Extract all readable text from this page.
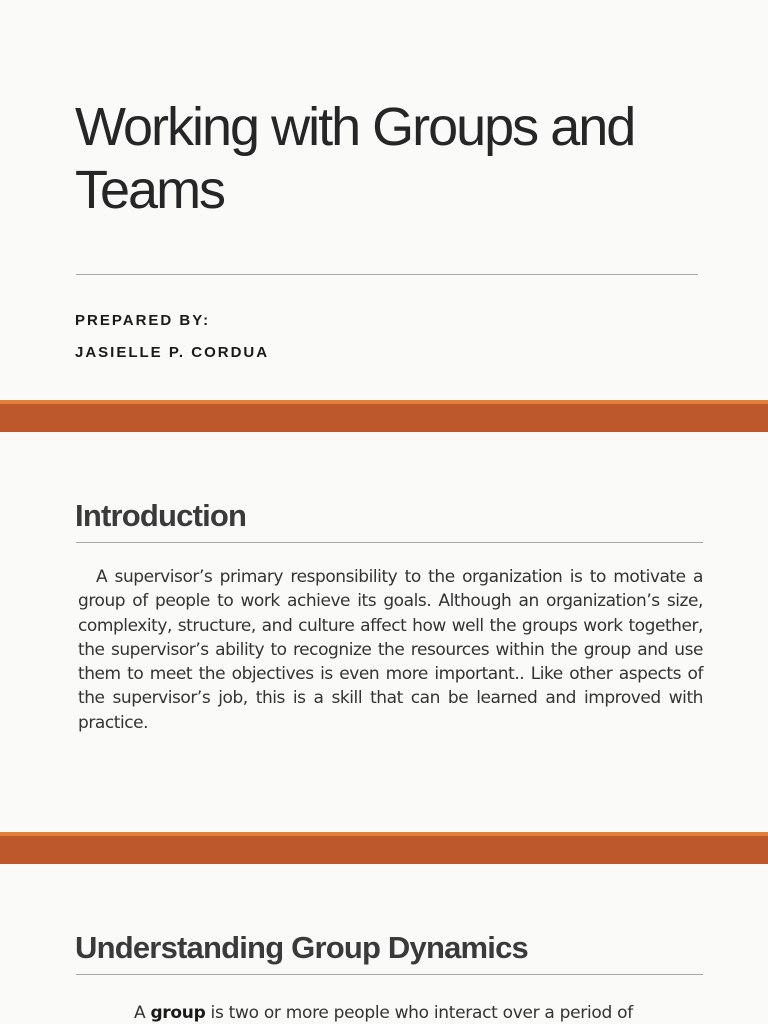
Working with Groups and Teams

PREPARED BY:

JASIELLE P. CORDUA

Introduction

A supervisor’s primary responsibility to the organization is to motivate a group of people to work achieve its goals. Although an organization’s size, complexity, structure, and culture affect how well the groups work together, the supervisor’s ability to recognize the resources within the group and use them to meet the objectives is even more important.. Like other aspects of the supervisor’s job, this is a skill that can be learned and improved with practice.

Understanding Group Dynamics

A group is two or more people who interact over a period of
